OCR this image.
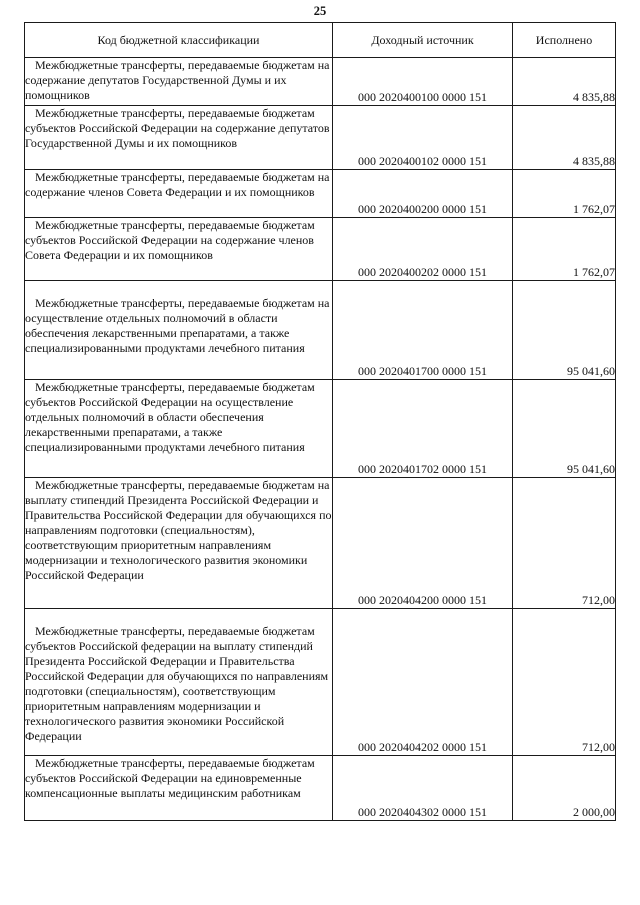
25
Код бюджетной классификации	Доходный источник	Исполнено
Межбюджетные трансферты, передаваемые бюджетам на содержание депутатов Государственной Думы и их помощников	000 2020400100 0000 151	4 835,88
Межбюджетные трансферты, передаваемые бюджетам субъектов Российской Федерации на содержание депутатов Государственной Думы и их помощников	000 2020400102 0000 151	4 835,88
Межбюджетные трансферты, передаваемые бюджетам на содержание членов Совета Федерации и их помощников	000 2020400200 0000 151	1 762,07
Межбюджетные трансферты, передаваемые бюджетам субъектов Российской Федерации на содержание членов Совета Федерации и их помощников	000 2020400202 0000 151	1 762,07
Межбюджетные трансферты, передаваемые бюджетам на осуществление отдельных полномочий в области обеспечения лекарственными препаратами, а также специализированными продуктами лечебного питания	000 2020401700 0000 151	95 041,60
Межбюджетные трансферты, передаваемые бюджетам субъектов Российской Федерации на осуществление отдельных полномочий в области обеспечения лекарственными препаратами, а также специализированными продуктами лечебного питания	000 2020401702 0000 151	95 041,60
Межбюджетные трансферты, передаваемые бюджетам на выплату стипендий Президента Российской Федерации и Правительства Российской Федерации для обучающихся по направлениям подготовки (специальностям), соответствующим приоритетным направлениям модернизации и технологического развития экономики Российской Федерации	000 2020404200 0000 151	712,00
Межбюджетные трансферты, передаваемые бюджетам субъектов Российской федерации на выплату стипендий Президента Российской Федерации и Правительства Российской Федерации для обучающихся по направлениям подготовки (специальностям), соответствующим приоритетным направлениям модернизации и технологического развития экономики Российской Федерации	000 2020404202 0000 151	712,00
Межбюджетные трансферты, передаваемые бюджетам субъектов Российской Федерации на единовременные компенсационные выплаты медицинским работникам	000 2020404302 0000 151	2 000,00
